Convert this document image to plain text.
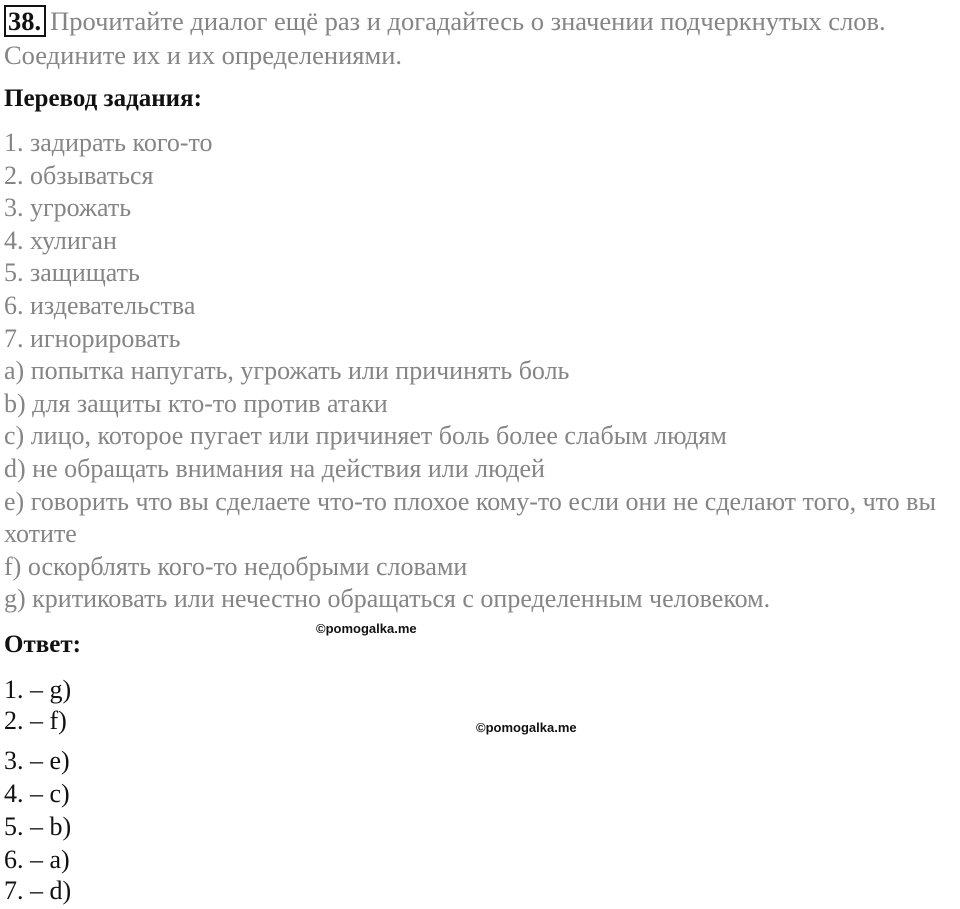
38. Прочитайте диалог ещё раз и догадайтесь о значении подчеркнутых слов. Соедините их и их определениями.
Перевод задания:
1. задирать кого-то
2. обзываться
3. угрожать
4. хулиган
5. защищать
6. издевательства
7. игнорировать
a) попытка напугать, угрожать или причинять боль
b) для защиты кто-то против атаки
c) лицо, которое пугает или причиняет боль более слабым людям
d) не обращать внимания на действия или людей
e) говорить что вы сделаете что-то плохое кому-то если они не сделают того, что вы хотите
f) оскорблять кого-то недобрыми словами
g) критиковать или нечестно обращаться с определенным человеком.
©pomogalka.me
Ответ:
1. – g)
2. – f)
3. – e)
4. – c)
5. – b)
6. – a)
7. – d)
©pomogalka.me
